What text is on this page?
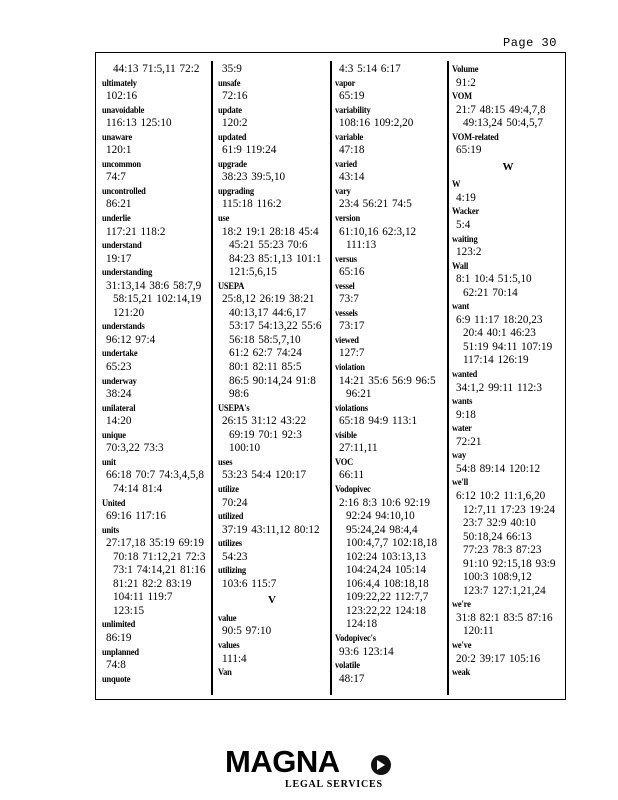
Page 30
44:13 71:5,11 72:2
ultimately
102:16
unavoidable
116:13 125:10
unaware
120:1
uncommon
74:7
uncontrolled
86:21
underlie
117:21 118:2
understand
19:17
understanding
31:13,14 38:6 58:7,9
58:15,21 102:14,19
121:20
understands
96:12 97:4
undertake
65:23
underway
38:24
unilateral
14:20
unique
70:3,22 73:3
unit
66:18 70:7 74:3,4,5,8
74:14 81:4
United
69:16 117:16
units
27:17,18 35:19 69:19
70:18 71:12,21 72:3
73:1 74:14,21 81:16
81:21 82:2 83:19
104:11 119:7
123:15
unlimited
86:19
unplanned
74:8
unquote
35:9
unsafe
72:16
update
120:2
updated
61:9 119:24
upgrade
38:23 39:5,10
upgrading
115:18 116:2
use
18:2 19:1 28:18 45:4
45:21 55:23 70:6
84:23 85:1,13 101:1
121:5,6,15
USEPA
25:8,12 26:19 38:21
40:13,17 44:6,17
53:17 54:13,22 55:6
56:18 58:5,7,10
61:2 62:7 74:24
80:1 82:11 85:5
86:5 90:14,24 91:8
98:6
USEPA's
26:15 31:12 43:22
69:19 70:1 92:3
100:10
uses
53:23 54:4 120:17
utilize
70:24
utilized
37:19 43:11,12 80:12
utilizes
54:23
utilizing
103:6 115:7
V
value
90:5 97:10
values
111:4
Van
4:3 5:14 6:17
vapor
65:19
variability
108:16 109:2,20
variable
47:18
varied
43:14
vary
23:4 56:21 74:5
version
61:10,16 62:3,12
111:13
versus
65:16
vessel
73:7
vessels
73:17
viewed
127:7
violation
14:21 35:6 56:9 96:5
96:21
violations
65:18 94:9 113:1
visible
27:11,11
VOC
66:11
Vodopivec
2:16 8:3 10:6 92:19
92:24 94:10,10
95:24,24 98:4,4
100:4,7,7 102:18,18
102:24 103:13,13
104:24,24 105:14
106:4,4 108:18,18
109:22,22 112:7,7
123:22,22 124:18
124:18
Vodopivec's
93:6 123:14
volatile
48:17
Volume
91:2
VOM
21:7 48:15 49:4,7,8
49:13,24 50:4,5,7
VOM-related
65:19
W
W
4:19
Wacker
5:4
waiting
123:2
Wall
8:1 10:4 51:5,10
62:21 70:14
want
6:9 11:17 18:20,23
20:4 40:1 46:23
51:19 94:11 107:19
117:14 126:19
wanted
34:1,2 99:11 112:3
wants
9:18
water
72:21
way
54:8 89:14 120:12
we'll
6:12 10:2 11:1,6,20
12:7,11 17:23 19:24
23:7 32:9 40:10
50:18,24 66:13
77:23 78:3 87:23
91:10 92:15,18 93:9
100:3 108:9,12
123:7 127:1,21,24
we're
31:8 82:1 83:5 87:16
120:11
we've
20:2 39:17 105:16
weak
MAGNA
LEGAL SERVICES
